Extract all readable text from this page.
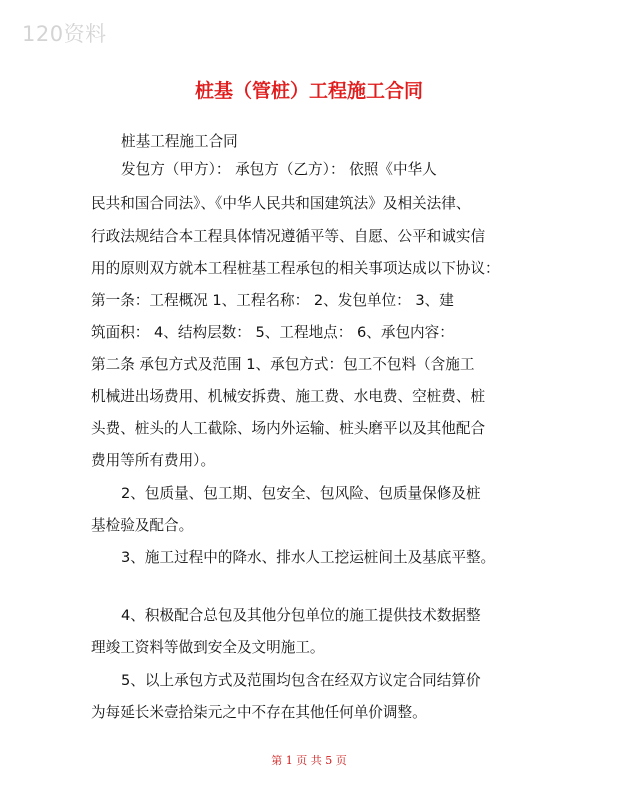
120资料
桩基（管桩）工程施工合同
桩基工程施工合同
发包方（甲方）： 承包方（乙方）： 依照《中华人
民共和国合同法》、《中华人民共和国建筑法》及相关法律、
行政法规结合本工程具体情况遵循平等、自愿、公平和诚实信
用的原则双方就本工程桩基工程承包的相关事项达成以下协议：
第一条：工程概况 1、工程名称： 2、发包单位： 3、建
筑面积： 4、结构层数： 5、工程地点： 6、承包内容：
第二条 承包方式及范围 1、承包方式：包工不包料（含施工
机械进出场费用、机械安拆费、施工费、水电费、空桩费、桩
头费、桩头的人工截除、场内外运输、桩头磨平以及其他配合
费用等所有费用）。
2、包质量、包工期、包安全、包风险、包质量保修及桩
基检验及配合。
3、施工过程中的降水、排水人工挖运桩间土及基底平整。
4、积极配合总包及其他分包单位的施工提供技术数据整
理竣工资料等做到安全及文明施工。
5、以上承包方式及范围均包含在经双方议定合同结算价
为每延长米壹拾柒元之中不存在其他任何单价调整。
第 1 页 共 5 页
